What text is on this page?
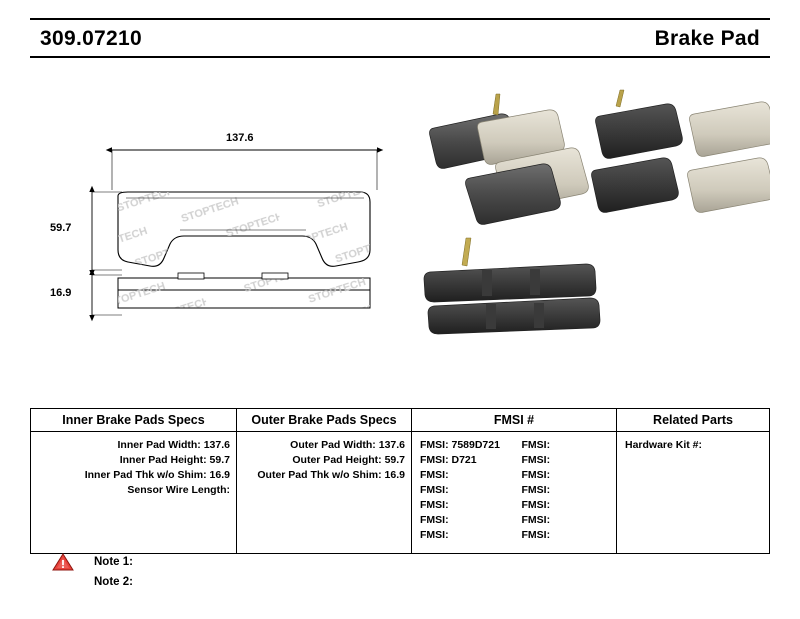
309.07210	Brake Pad
137.6
59.7
16.9
Inner Brake Pads Specs
Inner Pad Width: 137.6
Inner Pad Height: 59.7
Inner Pad Thk w/o Shim: 16.9
Sensor Wire Length:
Outer Brake Pads Specs
Outer Pad Width: 137.6
Outer Pad Height: 59.7
Outer Pad Thk w/o Shim: 16.9
FMSI #
FMSI: 7589D721	FMSI:
FMSI: D721	FMSI:
FMSI:	FMSI:
FMSI:	FMSI:
FMSI:	FMSI:
FMSI:	FMSI:
FMSI:	FMSI:
Related Parts
Hardware Kit #:
Note 1:
Note 2:
